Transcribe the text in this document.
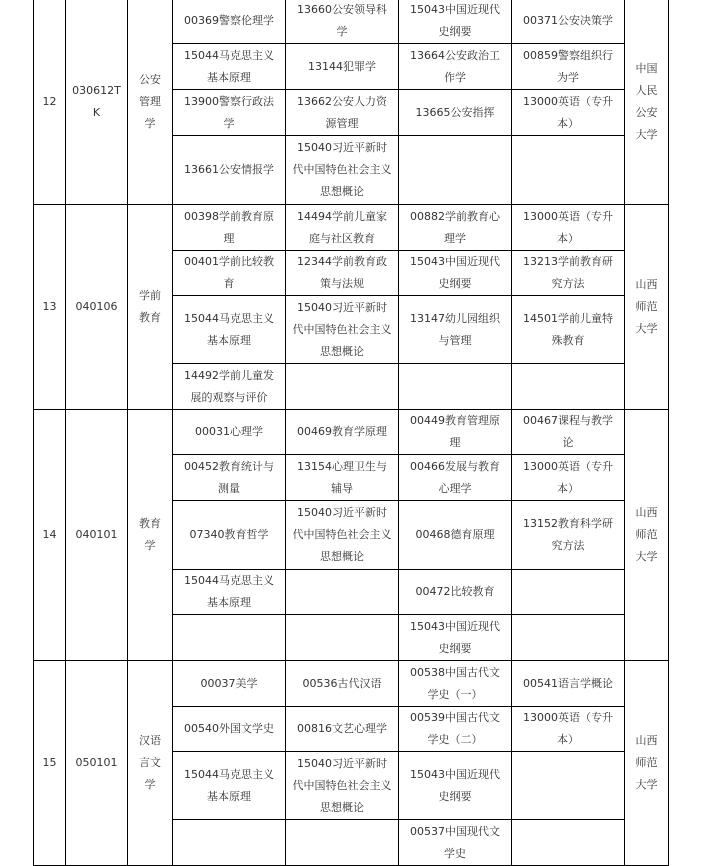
12	030612TK	公安管理学	00369警察伦理学	13660公安领导科学	15043中国近现代史纲要	00371公安决策学	中国人民公安大学
			15044马克思主义基本原理	13144犯罪学	13664公安政治工作学	00859警察组织行为学	
			13900警察行政法学	13662公安人力资源管理	13665公安指挥	13000英语（专升本）	
			13661公安情报学	15040习近平新时代中国特色社会主义思想概论			
13	040106	学前教育	00398学前教育原理	14494学前儿童家庭与社区教育	00882学前教育心理学	13000英语（专升本）	山西师范大学
			00401学前比较教育	12344学前教育政策与法规	15043中国近现代史纲要	13213学前教育研究方法	
			15044马克思主义基本原理	15040习近平新时代中国特色社会主义思想概论	13147幼儿园组织与管理	14501学前儿童特殊教育	
			14492学前儿童发展的观察与评价				
14	040101	教育学	00031心理学	00469教育学原理	00449教育管理原理	00467课程与教学论	山西师范大学
			00452教育统计与测量	13154心理卫生与辅导	00466发展与教育心理学	13000英语（专升本）	
			07340教育哲学	15040习近平新时代中国特色社会主义思想概论	00468德育原理	13152教育科学研究方法	
			15044马克思主义基本原理		00472比较教育		
					15043中国近现代史纲要		
15	050101	汉语言文学	00037美学	00536古代汉语	00538中国古代文学史（一）	00541语言学概论	山西师范大学
			00540外国文学史	00816文艺心理学	00539中国古代文学史（二）	13000英语（专升本）	
			15044马克思主义基本原理	15040习近平新时代中国特色社会主义思想概论	15043中国近现代史纲要		
					00537中国现代文学史		
